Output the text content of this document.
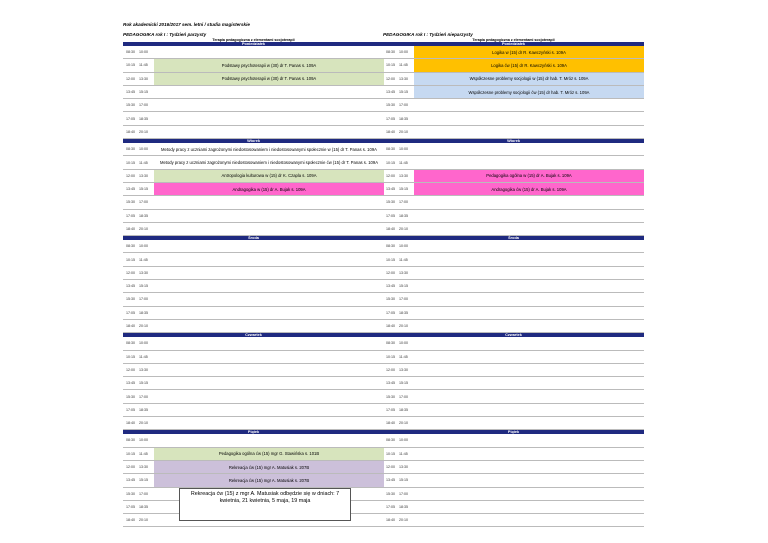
Rok akademicki 2016/2017 sem. letni / studia magisterskie
PEDAGOGIKA rok I : Tydzień parzysty
Terapia pedagogiczna z elementami socjoterapii
Poniedziałek
08:30 10:00
10:15 11:45	Podstawy psychoterapii w (30) dr T. Panas s. 109A
12:00 13:30	Podstawy psychoterapii w (30) dr T. Panas s. 109A
13:45 15:15
15:30 17:00
17:05 18:35
18:40 20:10
Wtorek
08:30 10:00	Metody pracy z uczniami zagrożonymi niedostosowaniem i niedostosowanymi społecznie w (15) dr T. Panas s. 109A
10:15 11:45	Metody pracy z uczniami zagrożonymi niedostosowaniem i niedostosowanymi społecznie ćw (15) dr T. Panas s. 109A
12:00 13:30	Antropologia kulturowa w (15) dr K. Czapla s. 109A
13:45 15:15	Andragogika w (15) dr A. Bujak s. 109A
15:30 17:00
17:05 18:35
18:40 20:10
Środa
08:30 10:00
10:15 11:45
12:00 13:30
13:45 15:15
15:30 17:00
17:05 18:35
18:40 20:10
Czwartek
08:30 10:00
10:15 11:45
12:00 13:30
13:45 15:15
15:30 17:00
17:05 18:35
18:40 20:10
Piątek
08:30 10:00
10:15 11:45	Pedagogika ogólna ćw (15) mgr G. Stawińska s. 101B
12:00 13:30	Rekreacja ćw (15) mgr A. Matusiak s. 207B
13:45 15:15	Rekreacja ćw (15) mgr A. Matusiak s. 207B
15:30 17:00
17:05 18:35
18:40 20:10
PEDAGOGIKA rok I : Tydzień nieparzysty
Terapia pedagogiczna z elementami socjoterapii
Poniedziałek
08:30 10:00	Logika w (15) dr R. Kawczyński s. 109A
10:15 11:45	Logika ćw (15) dr R. Kawczyński s. 109A
12:00 13:30	Współczesne problemy socjologii w (15) dr hab. T. Mróz s. 109A
13:45 15:15	Współczesne problemy socjologii ćw (15) dr hab. T. Mróz s. 109A
15:30 17:00
17:05 18:35
18:40 20:10
Wtorek
08:30 10:00
10:15 11:45
12:00 13:30	Pedagogika ogólna w (15) dr A. Bujak s. 109A
13:45 15:15	Andragogika ćw (15) dr A. Bujak s. 109A
15:30 17:00
17:05 18:35
18:40 20:10
Środa
08:30 10:00
10:15 11:45
12:00 13:30
13:45 15:15
15:30 17:00
17:05 18:35
18:40 20:10
Czwartek
08:30 10:00
10:15 11:45
12:00 13:30
13:45 15:15
15:30 17:00
17:05 18:35
18:40 20:10
Piątek
08:30 10:00
10:15 11:45
12:00 13:30
13:45 15:15
15:30 17:00
17:05 18:35
18:40 20:10
Rekreacja ćw (15) z mgr A. Matusiak odbędzie się w dniach: 7 kwietnia, 21 kwietnia, 5 maja, 19 maja
